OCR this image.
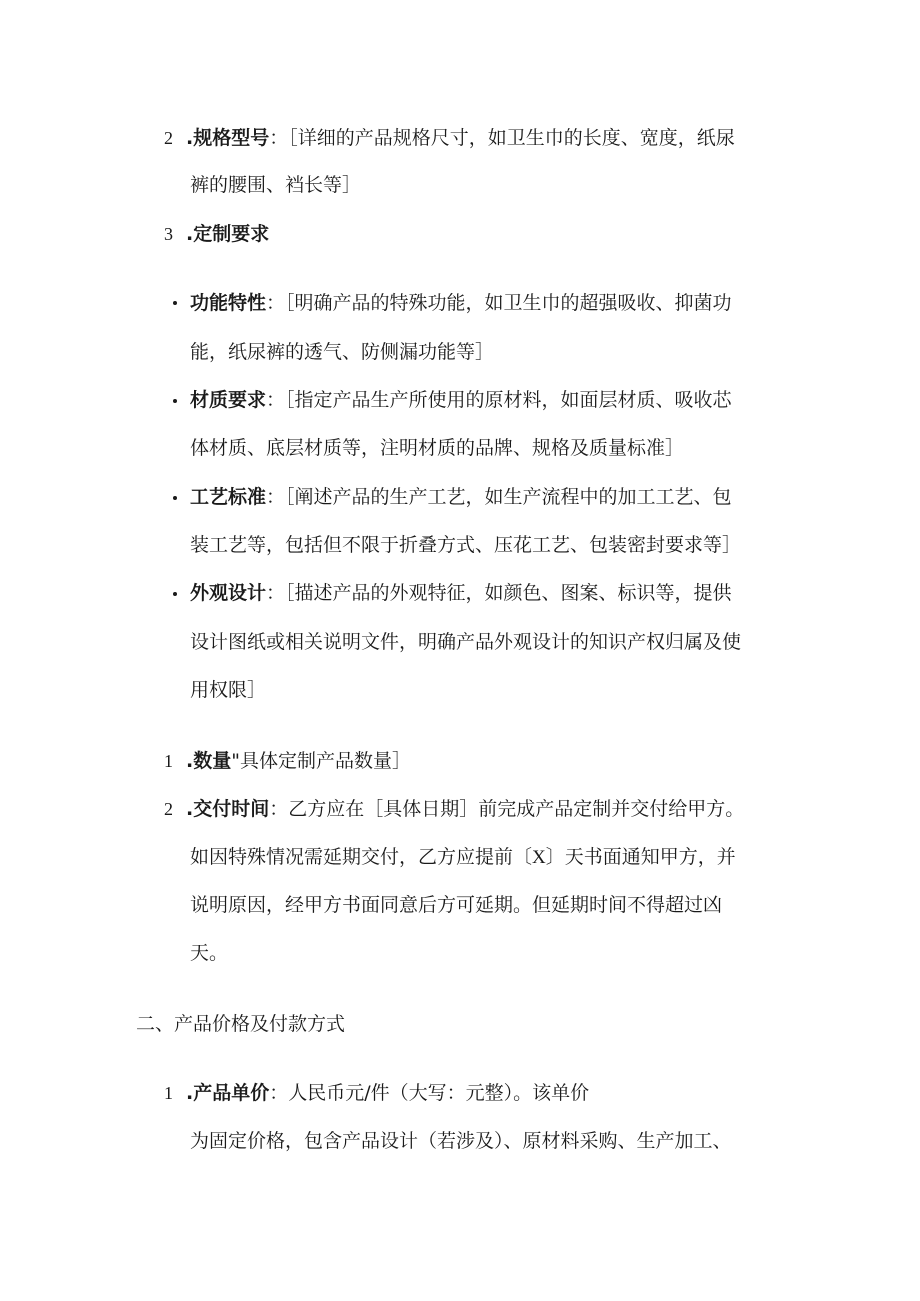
2 .规格型号：［详细的产品规格尺寸，如卫生巾的长度、宽度，纸尿
裤的腰围、裆长等］
3 .定制要求
功能特性：［明确产品的特殊功能，如卫生巾的超强吸收、抑菌功
能，纸尿裤的透气、防侧漏功能等］
材质要求：［指定产品生产所使用的原材料，如面层材质、吸收芯
体材质、底层材质等，注明材质的品牌、规格及质量标准］
工艺标准：［阐述产品的生产工艺，如生产流程中的加工工艺、包
装工艺等，包括但不限于折叠方式、压花工艺、包装密封要求等］
外观设计：［描述产品的外观特征，如颜色、图案、标识等，提供
设计图纸或相关说明文件，明确产品外观设计的知识产权归属及使
用权限］
1 .数量"具体定制产品数量］
2 .交付时间：乙方应在［具体日期］前完成产品定制并交付给甲方。
如因特殊情况需延期交付，乙方应提前〔X〕天书面通知甲方，并
说明原因，经甲方书面同意后方可延期。但延期时间不得超过凶
天。
二、产品价格及付款方式
1 .产品单价：人民币元/件（大写：元整）。该单价
为固定价格，包含产品设计（若涉及）、原材料采购、生产加工、
